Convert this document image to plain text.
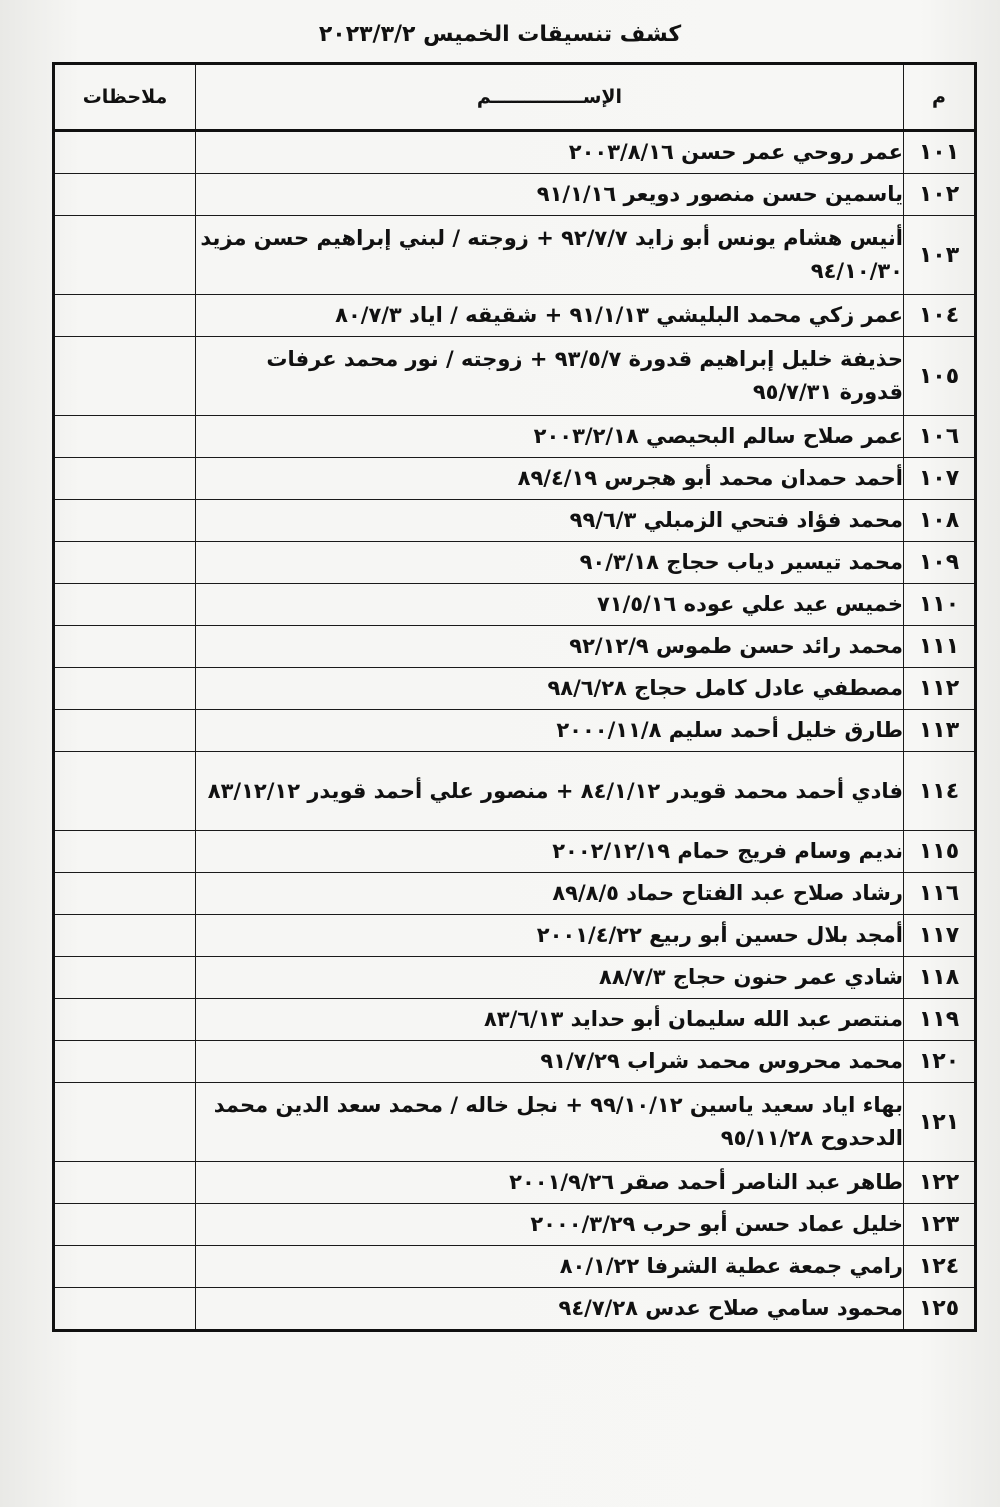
كشف تنسيقات الخميس ٢٠٢٣/٣/٢
م	الإســــــــــــــم	ملاحظات
١٠١	عمر روحي عمر حسن ٢٠٠٣/٨/١٦	
١٠٢	ياسمين حسن منصور دويعر ٩١/١/١٦	
١٠٣	أنيس هشام يونس أبو زايد ٩٢/٧/٧ + زوجته / لبني إبراهيم حسن مزيد ٩٤/١٠/٣٠	
١٠٤	عمر زكي محمد البليشي ٩١/١/١٣ + شقيقه / اياد ٨٠/٧/٣	
١٠٥	حذيفة خليل إبراهيم قدورة ٩٣/٥/٧ + زوجته / نور محمد عرفات قدورة ٩٥/٧/٣١	
١٠٦	عمر صلاح سالم البحيصي ٢٠٠٣/٢/١٨	
١٠٧	أحمد حمدان محمد أبو هجرس ٨٩/٤/١٩	
١٠٨	محمد فؤاد فتحي الزمبلي ٩٩/٦/٣	
١٠٩	محمد تيسير دياب حجاج ٩٠/٣/١٨	
١١٠	خميس عيد علي عوده ٧١/٥/١٦	
١١١	محمد رائد حسن طموس ٩٢/١٢/٩	
١١٢	مصطفي عادل كامل حجاج ٩٨/٦/٢٨	
١١٣	طارق خليل أحمد سليم ٢٠٠٠/١١/٨	
١١٤	فادي أحمد محمد قويدر ٨٤/١/١٢ + منصور علي أحمد قويدر ٨٣/١٢/١٢	
١١٥	نديم وسام فريج حمام ٢٠٠٢/١٢/١٩	
١١٦	رشاد صلاح عبد الفتاح حماد ٨٩/٨/٥	
١١٧	أمجد بلال حسين أبو ربيع ٢٠٠١/٤/٢٢	
١١٨	شادي عمر حنون حجاج ٨٨/٧/٣	
١١٩	منتصر عبد الله سليمان أبو حدايد ٨٣/٦/١٣	
١٢٠	محمد محروس محمد شراب ٩١/٧/٢٩	
١٢١	بهاء اياد سعيد ياسين ٩٩/١٠/١٢ + نجل خاله / محمد سعد الدين محمد الدحدوح ٩٥/١١/٢٨	
١٢٢	طاهر عبد الناصر أحمد صقر ٢٠٠١/٩/٢٦	
١٢٣	خليل عماد حسن أبو حرب ٢٠٠٠/٣/٢٩	
١٢٤	رامي جمعة عطية الشرفا ٨٠/١/٢٢	
١٢٥	محمود سامي صلاح عدس ٩٤/٧/٢٨	
